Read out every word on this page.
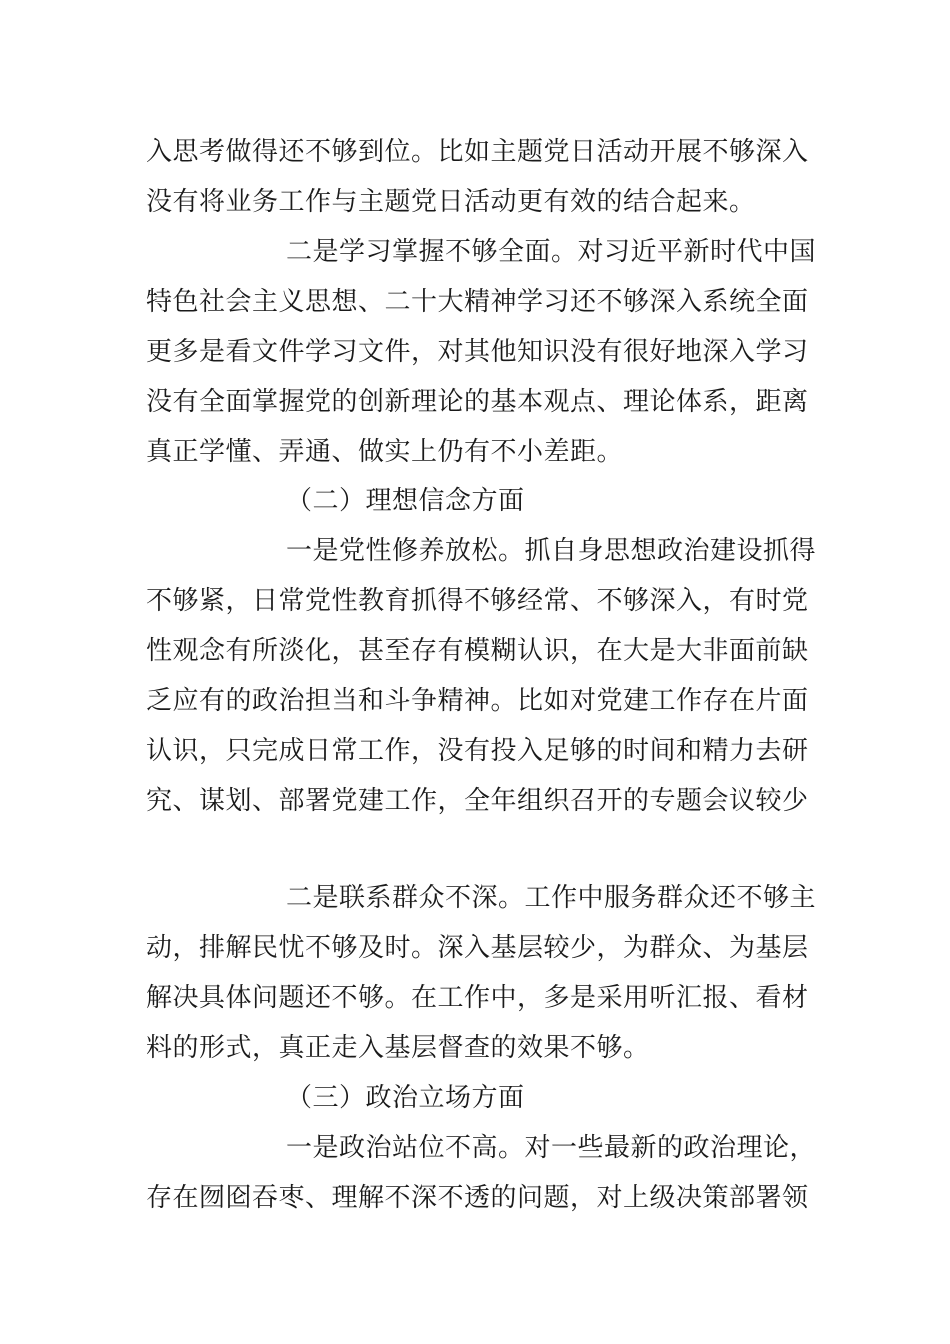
入思考做得还不够到位。比如主题党日活动开展不够深入
没有将业务工作与主题党日活动更有效的结合起来。
二是学习掌握不够全面。对习近平新时代中国
特色社会主义思想、二十大精神学习还不够深入系统全面
更多是看文件学习文件，对其他知识没有很好地深入学习
没有全面掌握党的创新理论的基本观点、理论体系，距离
真正学懂、弄通、做实上仍有不小差距。
（二）理想信念方面
一是党性修养放松。抓自身思想政治建设抓得
不够紧，日常党性教育抓得不够经常、不够深入，有时党
性观念有所淡化，甚至存有模糊认识，在大是大非面前缺
乏应有的政治担当和斗争精神。比如对党建工作存在片面
认识，只完成日常工作，没有投入足够的时间和精力去研
究、谋划、部署党建工作，全年组织召开的专题会议较少
二是联系群众不深。工作中服务群众还不够主
动，排解民忧不够及时。深入基层较少，为群众、为基层
解决具体问题还不够。在工作中，多是采用听汇报、看材
料的形式，真正走入基层督查的效果不够。
（三）政治立场方面
一是政治站位不高。对一些最新的政治理论，
存在囫囵吞枣、理解不深不透的问题，对上级决策部署领
